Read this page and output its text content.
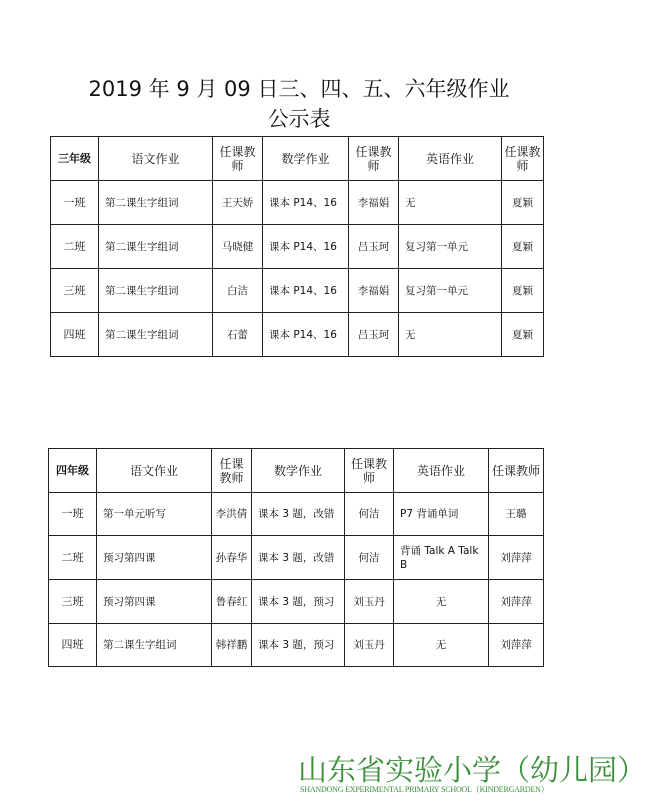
2019 年 9 月 09 日三、四、五、六年级作业
公示表
三年级	语文作业	任课教师	数学作业	任课教师	英语作业	任课教师
一班	第二课生字组词	王天娇	课本 P14、16	李福娟	无	夏颖
二班	第二课生字组词	马晓健	课本 P14、16	吕玉珂	复习第一单元	夏颖
三班	第二课生字组词	白洁	课本 P14、16	李福娟	复习第一单元	夏颖
四班	第二课生字组词	石蕾	课本 P14、16	吕玉珂	无	夏颖
四年级	语文作业	任课教师	数学作业	任课教师	英语作业	任课教师
一班	第一单元听写	李洪倩	课本 3 题，改错	何洁	P7 背诵单词	王璐
二班	预习第四课	孙春华	课本 3 题，改错	何洁	背诵 Talk A Talk B	刘萍萍
三班	预习第四课	鲁春红	课本 3 题，预习	刘玉丹	无	刘萍萍
四班	第二课生字组词	韩祥鹏	课本 3 题，预习	刘玉丹	无	刘萍萍
山东省实验小学（幼儿园）
SHANDONG EXPERIMENTAL PRIMARY SCHOOL（KINDERGARDEN）
